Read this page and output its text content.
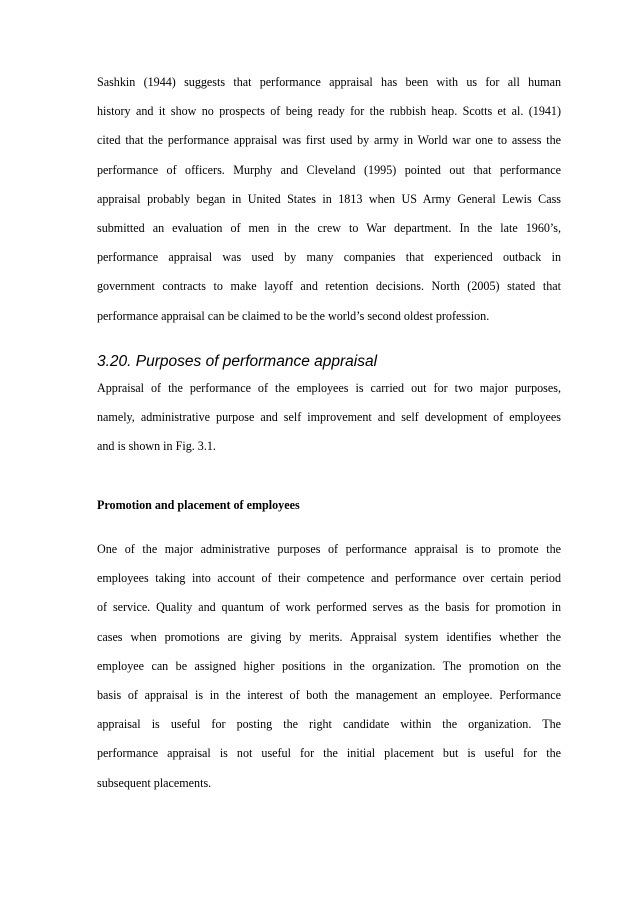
Sashkin (1944) suggests that performance appraisal has been with us for all human
history and it show no prospects of being ready for the rubbish heap. Scotts et al. (1941)
cited that the performance appraisal was first used by army in World war one to assess the
performance of officers. Murphy and Cleveland (1995) pointed out that performance
appraisal probably began in United States in 1813 when US Army General Lewis Cass
submitted an evaluation of men in the crew to War department. In the late 1960’s,
performance appraisal was used by many companies that experienced outback in
government contracts to make layoff and retention decisions. North (2005) stated that
performance appraisal can be claimed to be the world’s second oldest profession.
3.20. Purposes of performance appraisal
Appraisal of the performance of the employees is carried out for two major purposes,
namely, administrative purpose and self improvement and self development of employees
and is shown in Fig. 3.1.
Promotion and placement of employees
One of the major administrative purposes of performance appraisal is to promote the
employees taking into account of their competence and performance over certain period
of service. Quality and quantum of work performed serves as the basis for promotion in
cases when promotions are giving by merits. Appraisal system identifies whether the
employee can be assigned higher positions in the organization. The promotion on the
basis of appraisal is in the interest of both the management an employee. Performance
appraisal is useful for posting the right candidate within the organization. The
performance appraisal is not useful for the initial placement but is useful for the
subsequent placements.
